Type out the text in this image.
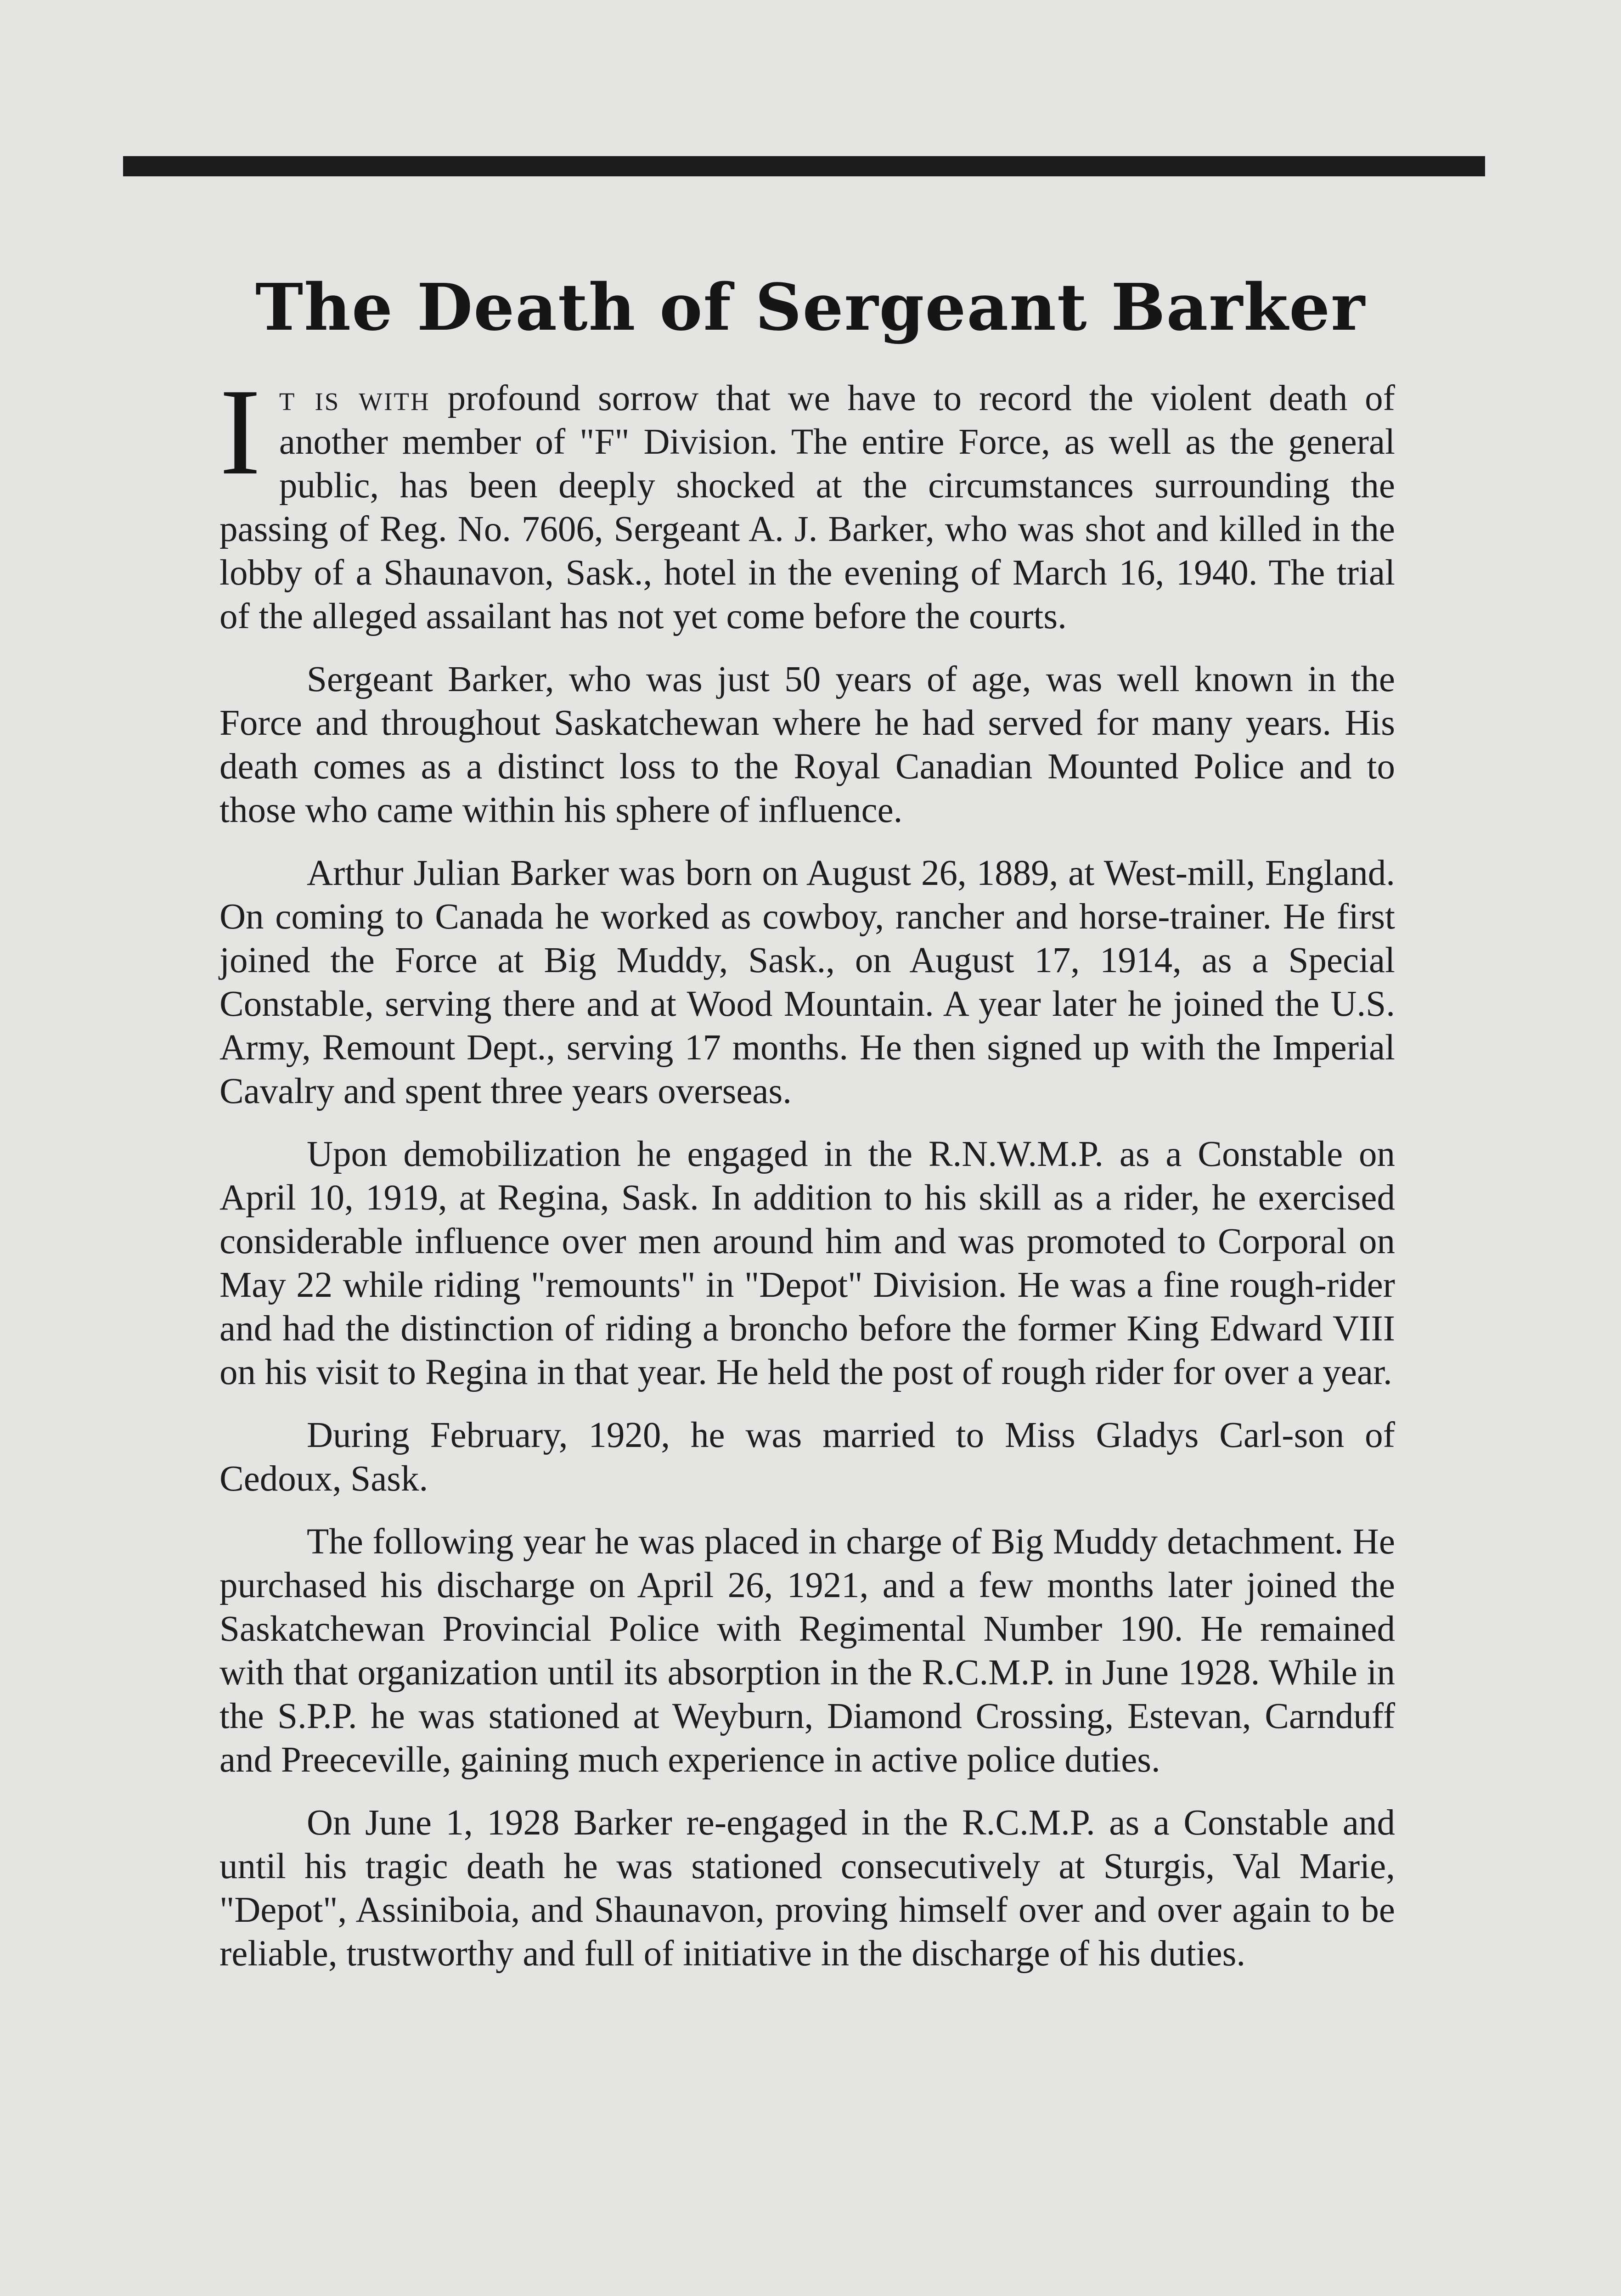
The Death of Sergeant Barker

It is with profound sorrow that we have to record the violent death of another member of "F" Division. The entire Force, as well as the general public, has been deeply shocked at the circumstances surrounding the passing of Reg. No. 7606, Sergeant A. J. Barker, who was shot and killed in the lobby of a Shaunavon, Sask., hotel in the evening of March 16, 1940. The trial of the alleged assailant has not yet come before the courts.

Sergeant Barker, who was just 50 years of age, was well known in the Force and throughout Saskatchewan where he had served for many years. His death comes as a distinct loss to the Royal Canadian Mounted Police and to those who came within his sphere of influence.

Arthur Julian Barker was born on August 26, 1889, at West-mill, England. On coming to Canada he worked as cowboy, rancher and horse-trainer. He first joined the Force at Big Muddy, Sask., on August 17, 1914, as a Special Constable, serving there and at Wood Mountain. A year later he joined the U.S. Army, Remount Dept., serving 17 months. He then signed up with the Imperial Cavalry and spent three years overseas.

Upon demobilization he engaged in the R.N.W.M.P. as a Constable on April 10, 1919, at Regina, Sask. In addition to his skill as a rider, he exercised considerable influence over men around him and was promoted to Corporal on May 22 while riding "remounts" in "Depot" Division. He was a fine rough-rider and had the distinction of riding a broncho before the former King Edward VIII on his visit to Regina in that year. He held the post of rough rider for over a year.

During February, 1920, he was married to Miss Gladys Carl-son of Cedoux, Sask.

The following year he was placed in charge of Big Muddy detachment. He purchased his discharge on April 26, 1921, and a few months later joined the Saskatchewan Provincial Police with Regimental Number 190. He remained with that organization until its absorption in the R.C.M.P. in June 1928. While in the S.P.P. he was stationed at Weyburn, Diamond Crossing, Estevan, Carnduff and Preeceville, gaining much experience in active police duties.

On June 1, 1928 Barker re-engaged in the R.C.M.P. as a Constable and until his tragic death he was stationed consecutively at Sturgis, Val Marie, "Depot", Assiniboia, and Shaunavon, proving himself over and over again to be reliable, trustworthy and full of initiative in the discharge of his duties.
